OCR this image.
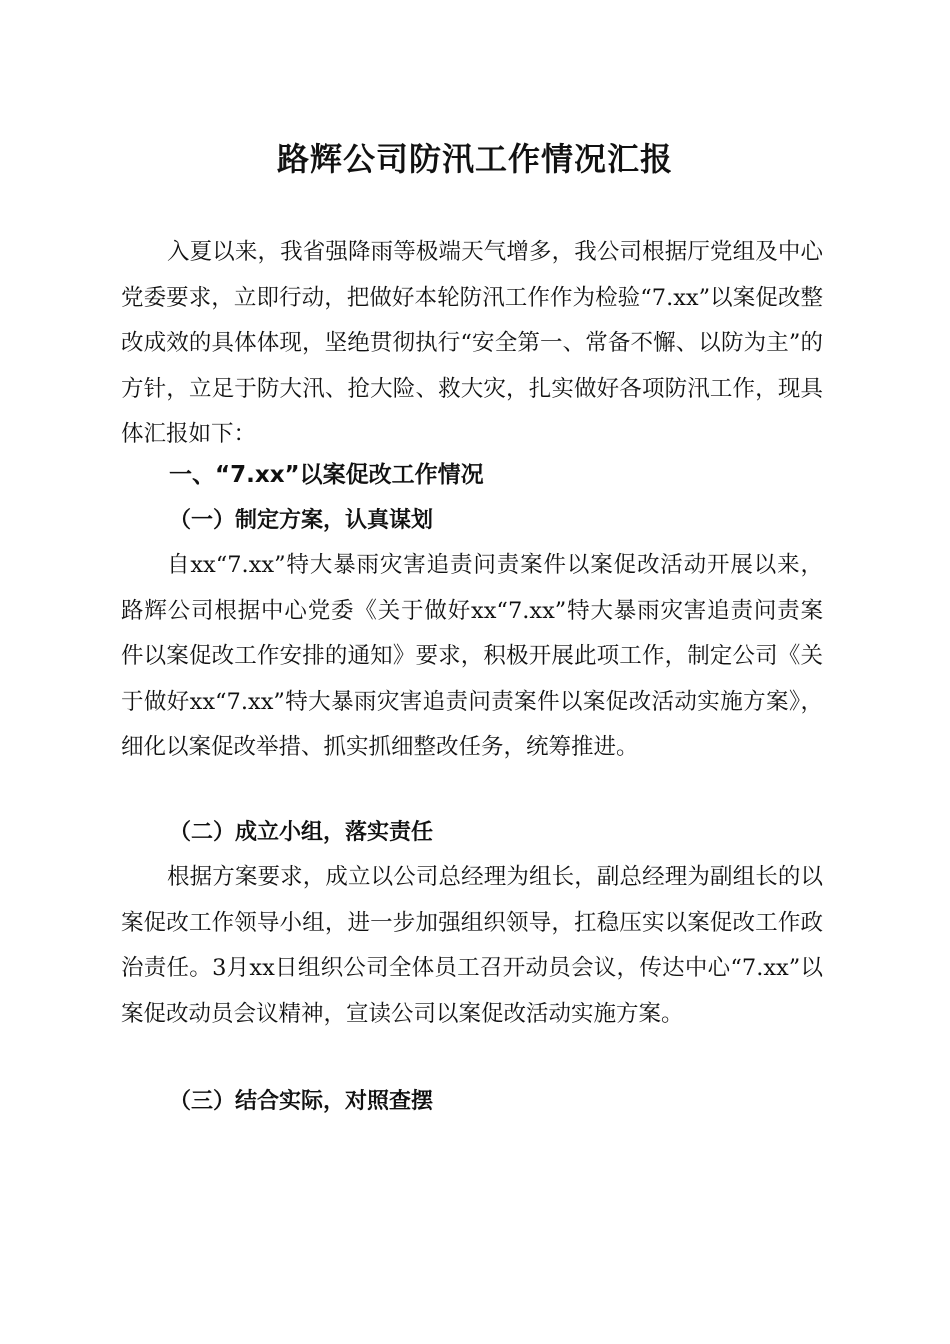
路辉公司防汛工作情况汇报

入夏以来，我省强降雨等极端天气增多，我公司根据厅党组及中心党委要求，立即行动，把做好本轮防汛工作作为检验“7.xx”以案促改整改成效的具体体现，坚绝贯彻执行“安全第一、常备不懈、以防为主”的方针，立足于防大汛、抢大险、救大灾，扎实做好各项防汛工作，现具体汇报如下：

一、“7.xx”以案促改工作情况
（一）制定方案，认真谋划

自xx“7.xx”特大暴雨灾害追责问责案件以案促改活动开展以来，路辉公司根据中心党委《关于做好xx“7.xx”特大暴雨灾害追责问责案件以案促改工作安排的通知》要求，积极开展此项工作，制定公司《关于做好xx“7.xx”特大暴雨灾害追责问责案件以案促改活动实施方案》，细化以案促改举措、抓实抓细整改任务，统筹推进。

（二）成立小组，落实责任

根据方案要求，成立以公司总经理为组长，副总经理为副组长的以案促改工作领导小组，进一步加强组织领导，扛稳压实以案促改工作政治责任。3月xx日组织公司全体员工召开动员会议，传达中心“7.xx”以案促改动员会议精神，宣读公司以案促改活动实施方案。

（三）结合实际，对照查摆
